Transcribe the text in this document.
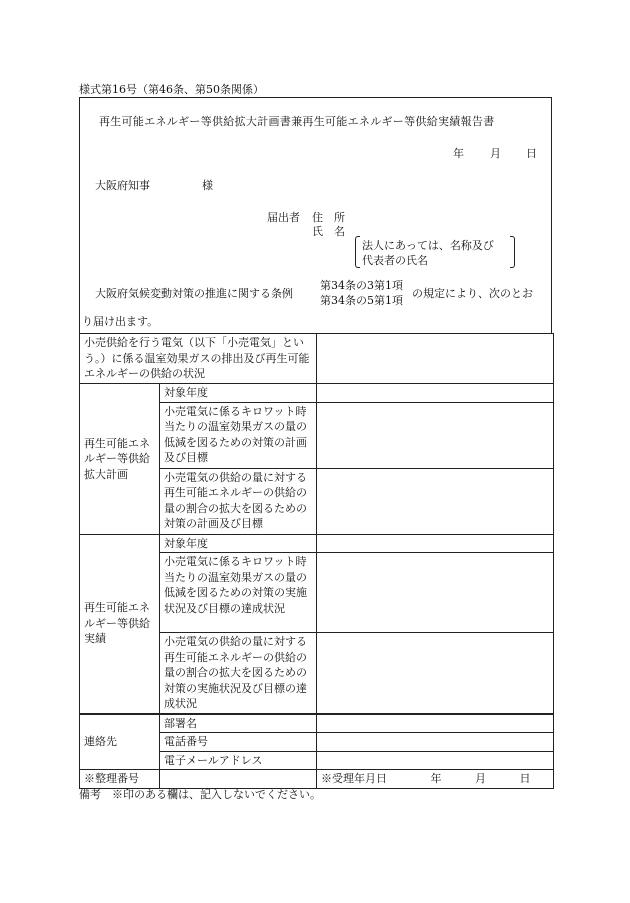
様式第16号（第46条、第50条関係）
再生可能エネルギー等供給拡大計画書兼再生可能エネルギー等供給実績報告書
年 月 日
大阪府知事	様
届出者 住　所
氏　名
法人にあっては、名称及び
代表者の氏名
大阪府気候変動対策の推進に関する条例
第34条の3第1項
第34条の5第1項
の規定により、次のとお
り届け出ます。
小売供給を行う電気（以下「小売電気」という。）に係る温室効果ガスの排出及び再生可能エネルギーの供給の状況		
再生可能エネルギー等供給拡大計画	対象年度	
	小売電気に係るキロワット時当たりの温室効果ガスの量の低減を図るための対策の計画及び目標	
	小売電気の供給の量に対する再生可能エネルギーの供給の量の割合の拡大を図るための対策の計画及び目標	
再生可能エネルギー等供給実績	対象年度	
	小売電気に係るキロワット時当たりの温室効果ガスの量の低減を図るための対策の実施状況及び目標の達成状況	
	小売電気の供給の量に対する再生可能エネルギーの供給の量の割合の拡大を図るための対策の実施状況及び目標の達成状況	
連絡先	部署名	
	電話番号	
	電子メールアドレス	
※整理番号		※受理年月日 年 月 日
備考　※印のある欄は、記入しないでください。
